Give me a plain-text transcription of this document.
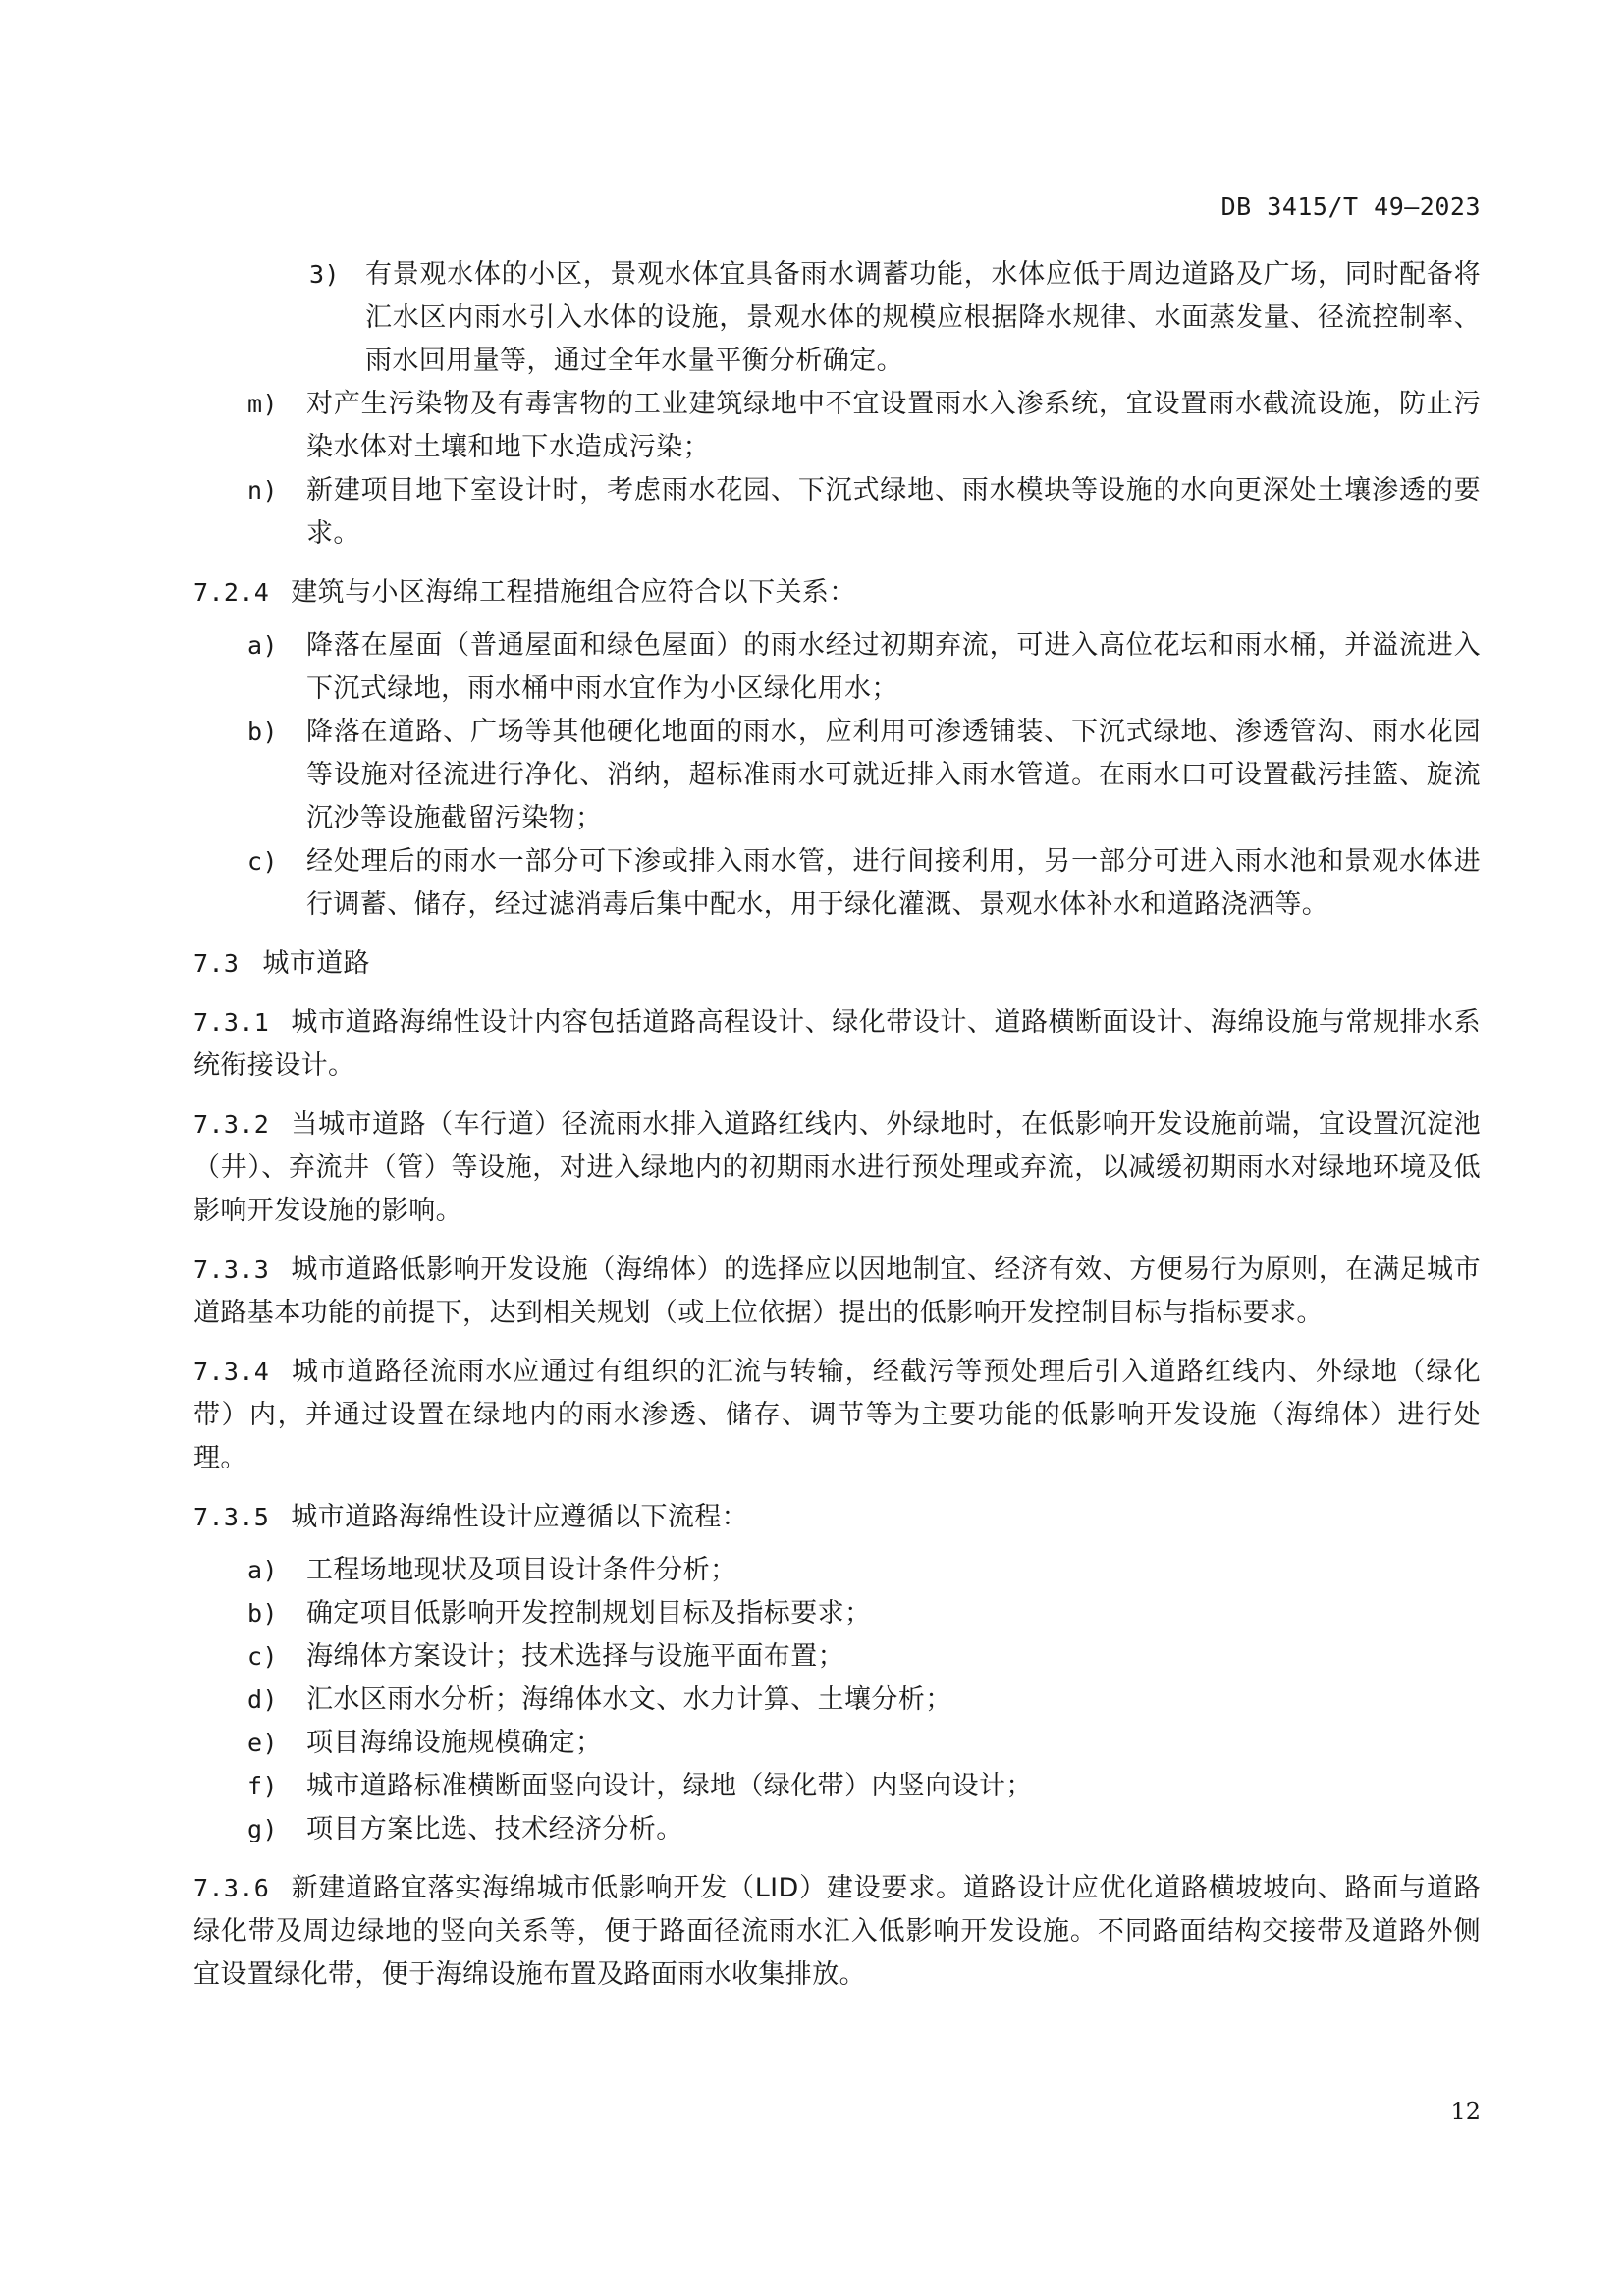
DB 3415/T 49—2023
3) 有景观水体的小区，景观水体宜具备雨水调蓄功能，水体应低于周边道路及广场，同时配备将汇水区内雨水引入水体的设施，景观水体的规模应根据降水规律、水面蒸发量、径流控制率、雨水回用量等，通过全年水量平衡分析确定。
m)	对产生污染物及有毒害物的工业建筑绿地中不宜设置雨水入渗系统，宜设置雨水截流设施，防止污染水体对土壤和地下水造成污染；
n)	新建项目地下室设计时，考虑雨水花园、下沉式绿地、雨水模块等设施的水向更深处土壤渗透的要求。
7.2.4 建筑与小区海绵工程措施组合应符合以下关系：
a)	降落在屋面（普通屋面和绿色屋面）的雨水经过初期弃流，可进入高位花坛和雨水桶，并溢流进入下沉式绿地，雨水桶中雨水宜作为小区绿化用水；
b)	降落在道路、广场等其他硬化地面的雨水，应利用可渗透铺装、下沉式绿地、渗透管沟、雨水花园等设施对径流进行净化、消纳，超标准雨水可就近排入雨水管道。在雨水口可设置截污挂篮、旋流沉沙等设施截留污染物；
c)	经处理后的雨水一部分可下渗或排入雨水管，进行间接利用，另一部分可进入雨水池和景观水体进行调蓄、储存，经过滤消毒后集中配水，用于绿化灌溉、景观水体补水和道路浇洒等。
7.3 城市道路
7.3.1 城市道路海绵性设计内容包括道路高程设计、绿化带设计、道路横断面设计、海绵设施与常规排水系统衔接设计。
7.3.2 当城市道路（车行道）径流雨水排入道路红线内、外绿地时，在低影响开发设施前端，宜设置沉淀池（井）、弃流井（管）等设施，对进入绿地内的初期雨水进行预处理或弃流，以减缓初期雨水对绿地环境及低影响开发设施的影响。
7.3.3 城市道路低影响开发设施（海绵体）的选择应以因地制宜、经济有效、方便易行为原则，在满足城市道路基本功能的前提下，达到相关规划（或上位依据）提出的低影响开发控制目标与指标要求。
7.3.4 城市道路径流雨水应通过有组织的汇流与转输，经截污等预处理后引入道路红线内、外绿地（绿化带）内，并通过设置在绿地内的雨水渗透、储存、调节等为主要功能的低影响开发设施（海绵体）进行处理。
7.3.5 城市道路海绵性设计应遵循以下流程：
a)	工程场地现状及项目设计条件分析；
b)	确定项目低影响开发控制规划目标及指标要求；
c)	海绵体方案设计；技术选择与设施平面布置；
d)	汇水区雨水分析；海绵体水文、水力计算、土壤分析；
e)	项目海绵设施规模确定；
f)	城市道路标准横断面竖向设计，绿地（绿化带）内竖向设计；
g)	项目方案比选、技术经济分析。
7.3.6 新建道路宜落实海绵城市低影响开发（LID）建设要求。道路设计应优化道路横坡坡向、路面与道路绿化带及周边绿地的竖向关系等，便于路面径流雨水汇入低影响开发设施。不同路面结构交接带及道路外侧宜设置绿化带，便于海绵设施布置及路面雨水收集排放。

12
